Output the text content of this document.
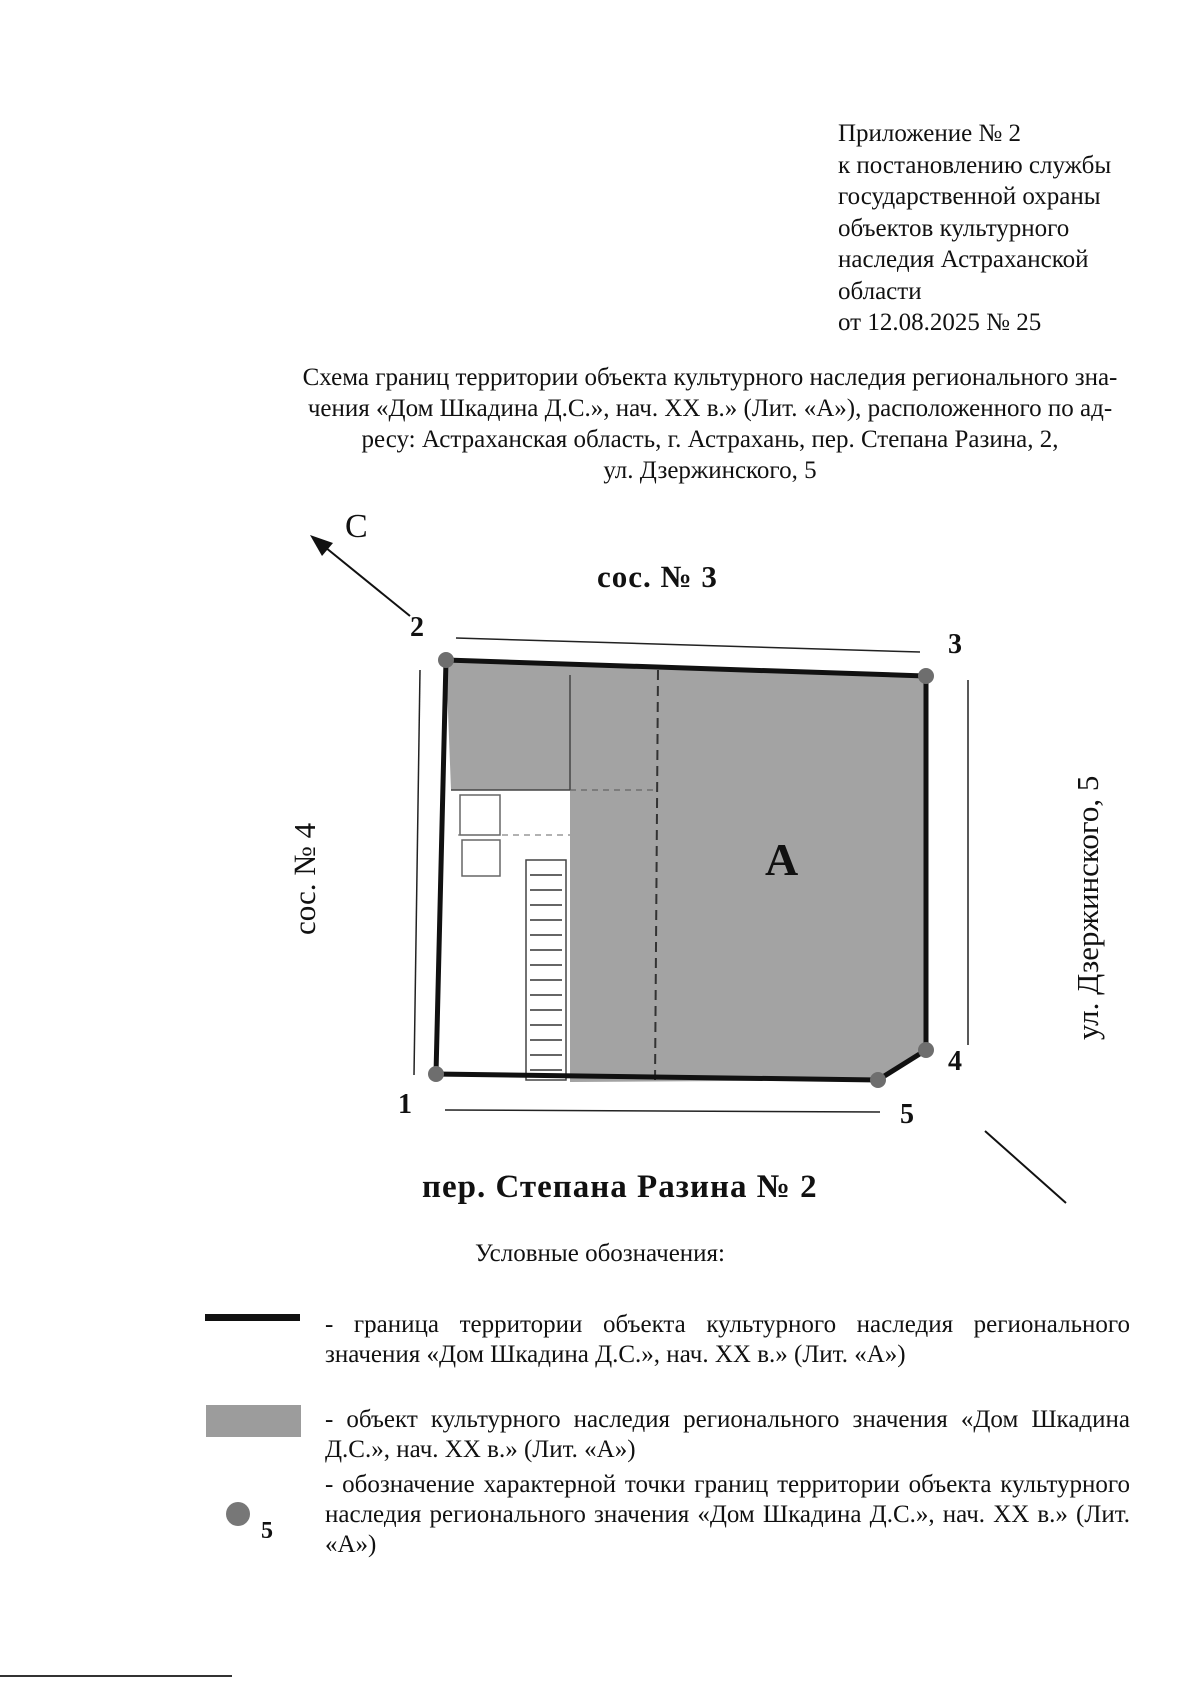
Приложение № 2
к постановлению службы
государственной охраны
объектов культурного
наследия Астраханской
области
от 12.08.2025 № 25
Схема границ территории объекта культурного наследия регионального зна-
чения «Дом Шкадина Д.С.», нач. XX в.» (Лит. «А»), расположенного по ад-
ресу: Астраханская область, г. Астрахань, пер. Степана Разина, 2,
ул. Дзержинского, 5
С
сос. № 3
сос. № 4	ул. Дзержинского, 5
пер. Степана Разина № 2
А
1
2
3
4
5
Условные обозначения:
- граница территории объекта культурного наследия регионального значения «Дом Шкадина Д.С.», нач. XX в.» (Лит. «А»)
- объект культурного наследия регионального значения «Дом Шкадина Д.С.», нач. XX в.» (Лит. «А»)
5
- обозначение характерной точки границ территории объекта культурного наследия регионального значения «Дом Шкадина Д.С.», нач. XX в.» (Лит. «А»)
